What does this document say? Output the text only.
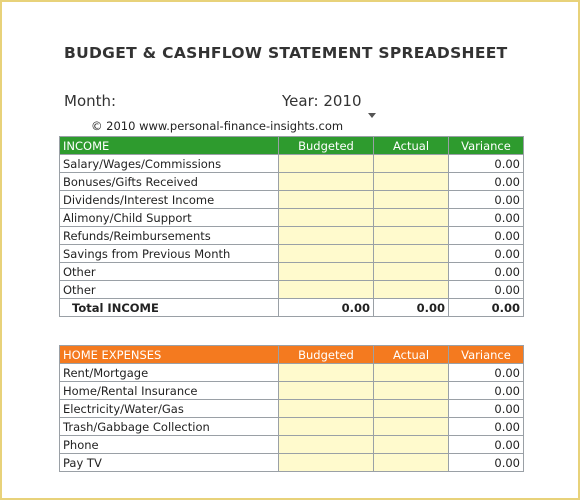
BUDGET & CASHFLOW STATEMENT SPREADSHEET
Month:	Year: 2010
© 2010 www.personal-finance-insights.com
INCOME	Budgeted	Actual	Variance
Salary/Wages/Commissions			0.00
Bonuses/Gifts Received			0.00
Dividends/Interest Income			0.00
Alimony/Child Support			0.00
Refunds/Reimbursements			0.00
Savings from Previous Month			0.00
Other			0.00
Other			0.00
Total INCOME	0.00	0.00	0.00
HOME EXPENSES	Budgeted	Actual	Variance
Rent/Mortgage			0.00
Home/Rental Insurance			0.00
Electricity/Water/Gas			0.00
Trash/Gabbage Collection			0.00
Phone			0.00
Pay TV			0.00
